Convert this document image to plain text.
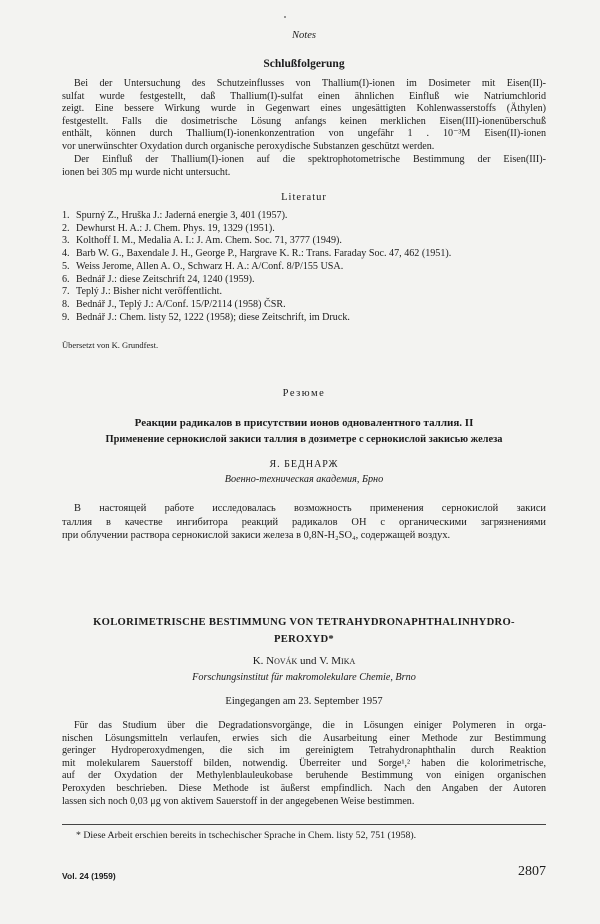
Notes
Schlußfolgerung
Bei der Untersuchung des Schutzeinflusses von Thallium(I)-ionen im Dosimeter mit Eisen(II)-
sulfat wurde festgestellt, daß Thallium(I)-sulfat einen ähnlichen Einfluß wie Natriumchlorid
zeigt. Eine bessere Wirkung wurde in Gegenwart eines ungesättigten Kohlenwasserstoffs (Äthylen)
festgestellt. Falls die dosimetrische Lösung anfangs keinen merklichen Eisen(III)-ionenüberschuß
enthält, können durch Thallium(I)-ionenkonzentration von ungefähr 1 . 10⁻³M Eisen(II)-ionen
vor unerwünschter Oxydation durch organische peroxydische Substanzen geschützt werden.
Der Einfluß der Thallium(I)-ionen auf die spektrophotometrische Bestimmung der Eisen(III)-
ionen bei 305 mμ wurde nicht untersucht.
Literatur
1. Spurný Z., Hruška J.: Jaderná energie 3, 401 (1957).
2. Dewhurst H. A.: J. Chem. Phys. 19, 1329 (1951).
3. Kolthoff I. M., Medalia A. I.: J. Am. Chem. Soc. 71, 3777 (1949).
4. Barb W. G., Baxendale J. H., George P., Hargrave K. R.: Trans. Faraday Soc. 47, 462 (1951).
5. Weiss Jerome, Allen A. O., Schwarz H. A.: A/Conf. 8/P/155 USA.
6. Bednář J.: diese Zeitschrift 24, 1240 (1959).
7. Teplý J.: Bisher nicht veröffentlicht.
8. Bednář J., Teplý J.: A/Conf. 15/P/2114 (1958) ČSR.
9. Bednář J.: Chem. listy 52, 1222 (1958); diese Zeitschrift, im Druck.
Übersetzt von K. Grundfest.
Резюме
Реакции радикалов в присутствии ионов одновалентного таллия. II
Применение сернокислой закиси таллия в дозиметре с сернокислой закисью железа
Я. БЕДНАРЖ
Военно-техническая академия, Брно
В настоящей работе исследовалась возможность применения сернокислой закиси
таллия в качестве ингибитора реакций радикалов OH с органическими загрязнениями
при облучении раствора сернокислой закиси железа в 0,8N-H₂SO₄, содержащей воздух.
KOLORIMETRISCHE BESTIMMUNG VON TETRAHYDRONAPHTHALINHYDRO-
PEROXYD*
K. Novák und V. Mika
Forschungsinstitut für makromolekulare Chemie, Brno
Eingegangen am 23. September 1957
Für das Studium über die Degradationsvorgänge, die in Lösungen einiger Polymeren in orga-
nischen Lösungsmitteln verlaufen, erwies sich die Ausarbeitung einer Methode zur Bestimmung
geringer Hydroperoxydmengen, die sich im gereinigtem Tetrahydronaphthalin durch Reaktion
mit molekularem Sauerstoff bilden, notwendig. Überreiter und Sorge¹,² haben die kolorimetrische,
auf der Oxydation der Methylenblauleukobase beruhende Bestimmung von einigen organischen
Peroxyden beschrieben. Diese Methode ist äußerst empfindlich. Nach den Angaben der Autoren
lassen sich noch 0,03 μg von aktivem Sauerstoff in der angegebenen Weise bestimmen.
* Diese Arbeit erschien bereits in tschechischer Sprache in Chem. listy 52, 751 (1958).
Vol. 24 (1959)	2807
